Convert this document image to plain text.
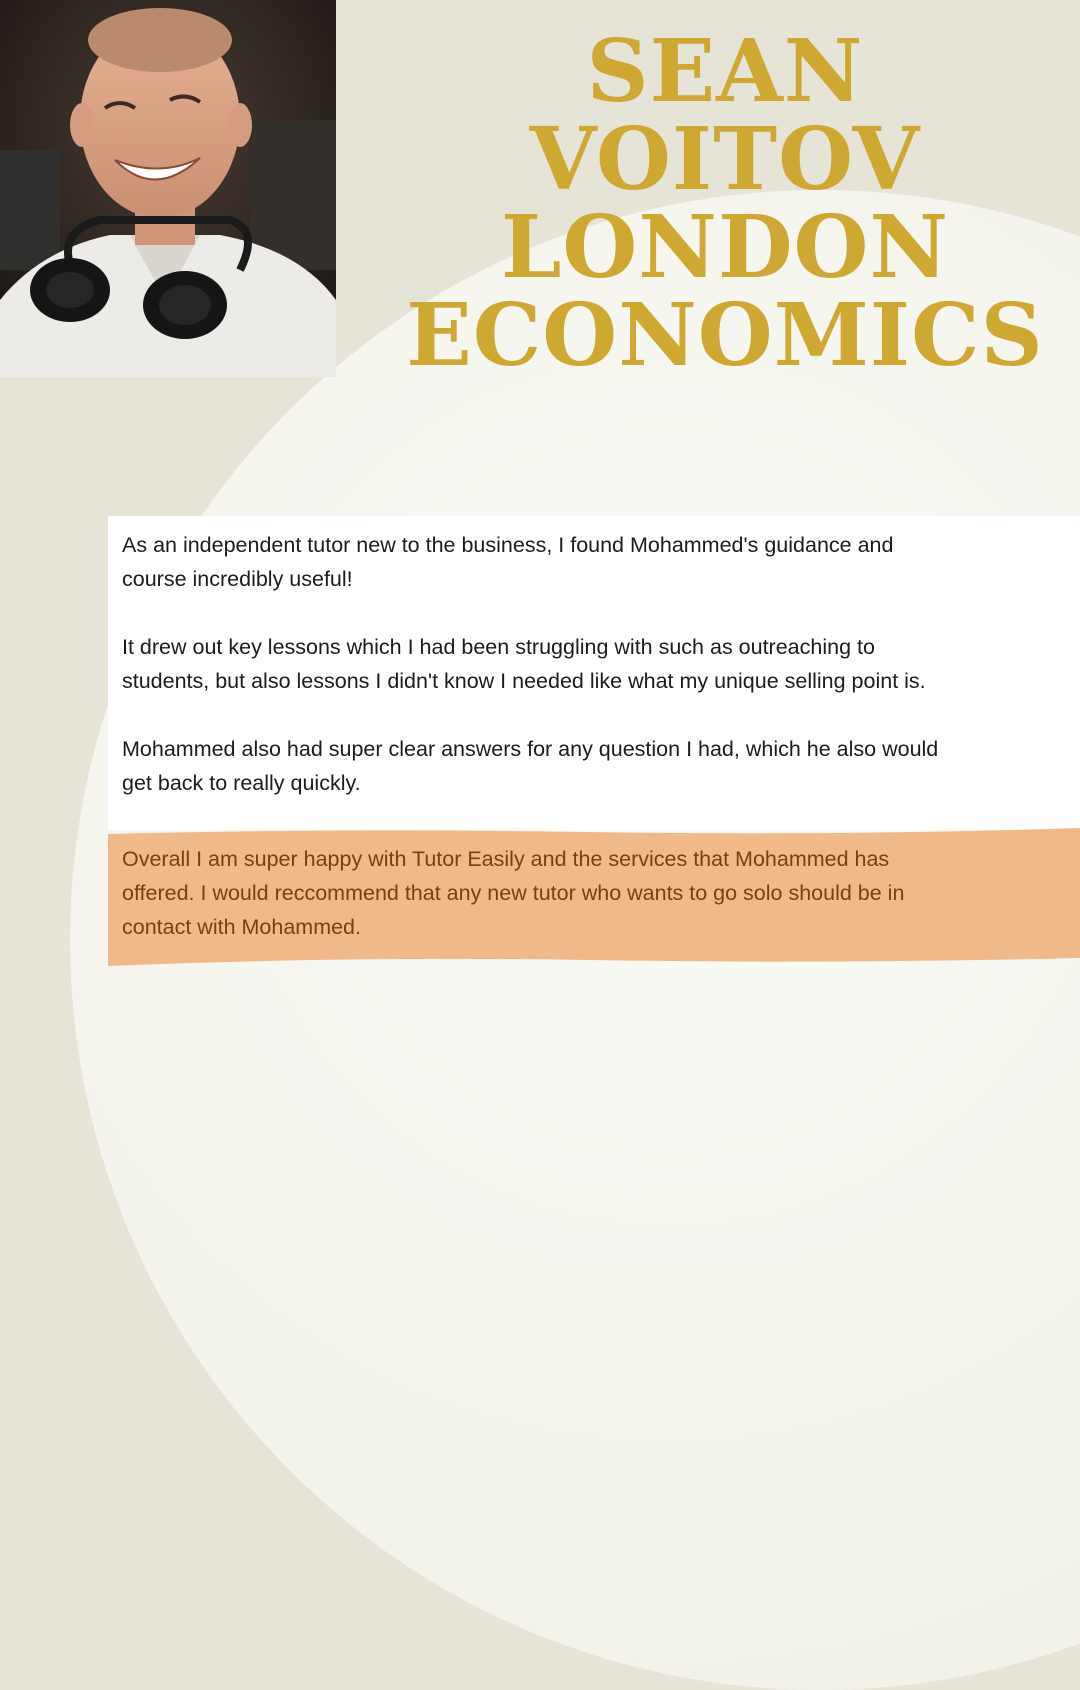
SEAN
VOITOV
LONDON
ECONOMICS

As an independent tutor new to the business, I found Mohammed's guidance and
course incredibly useful!

It drew out key lessons which I had been struggling with such as outreaching to
students, but also lessons I didn't know I needed like what my unique selling point is.

Mohammed also had super clear answers for any question I had, which he also would
get back to really quickly.

Overall I am super happy with Tutor Easily and the services that Mohammed has
offered. I would reccommend that any new tutor who wants to go solo should be in
contact with Mohammed.
